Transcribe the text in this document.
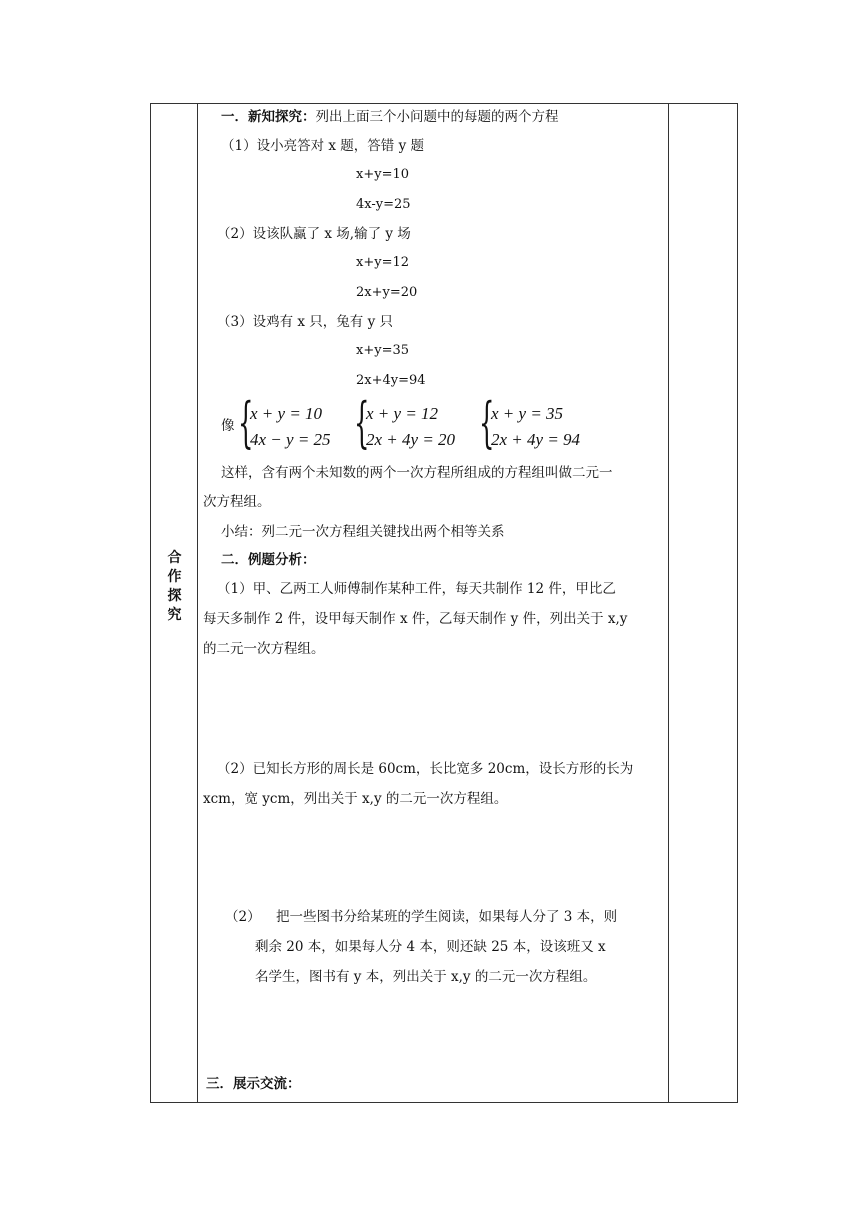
合
作
探
究
一．新知探究：列出上面三个小问题中的每题的两个方程
（1）设小亮答对 x 题，答错 y 题
x+y=10
4x-y=25
（2）设该队赢了 x 场,输了 y 场
x+y=12
2x+y=20
（3）设鸡有 x 只，兔有 y 只
x+y=35
2x+4y=94
像 {
x + y = 10
4x − y = 25 {
x + y = 12
2x + 4y = 20 {
x + y = 35
2x + 4y = 94
这样，含有两个未知数的两个一次方程所组成的方程组叫做二元一
次方程组。
小结：列二元一次方程组关键找出两个相等关系
二．例题分析：
（1）甲、乙两工人师傅制作某种工件，每天共制作 12 件，甲比乙
每天多制作 2 件，设甲每天制作 x 件，乙每天制作 y 件，列出关于 x,y
的二元一次方程组。
（2）已知长方形的周长是 60cm，长比宽多 20cm，设长方形的长为
xcm，宽 ycm，列出关于 x,y 的二元一次方程组。
（2） 把一些图书分给某班的学生阅读，如果每人分了 3 本，则
剩余 20 本，如果每人分 4 本，则还缺 25 本，设该班又 x
名学生，图书有 y 本，列出关于 x,y 的二元一次方程组。
三．展示交流：
